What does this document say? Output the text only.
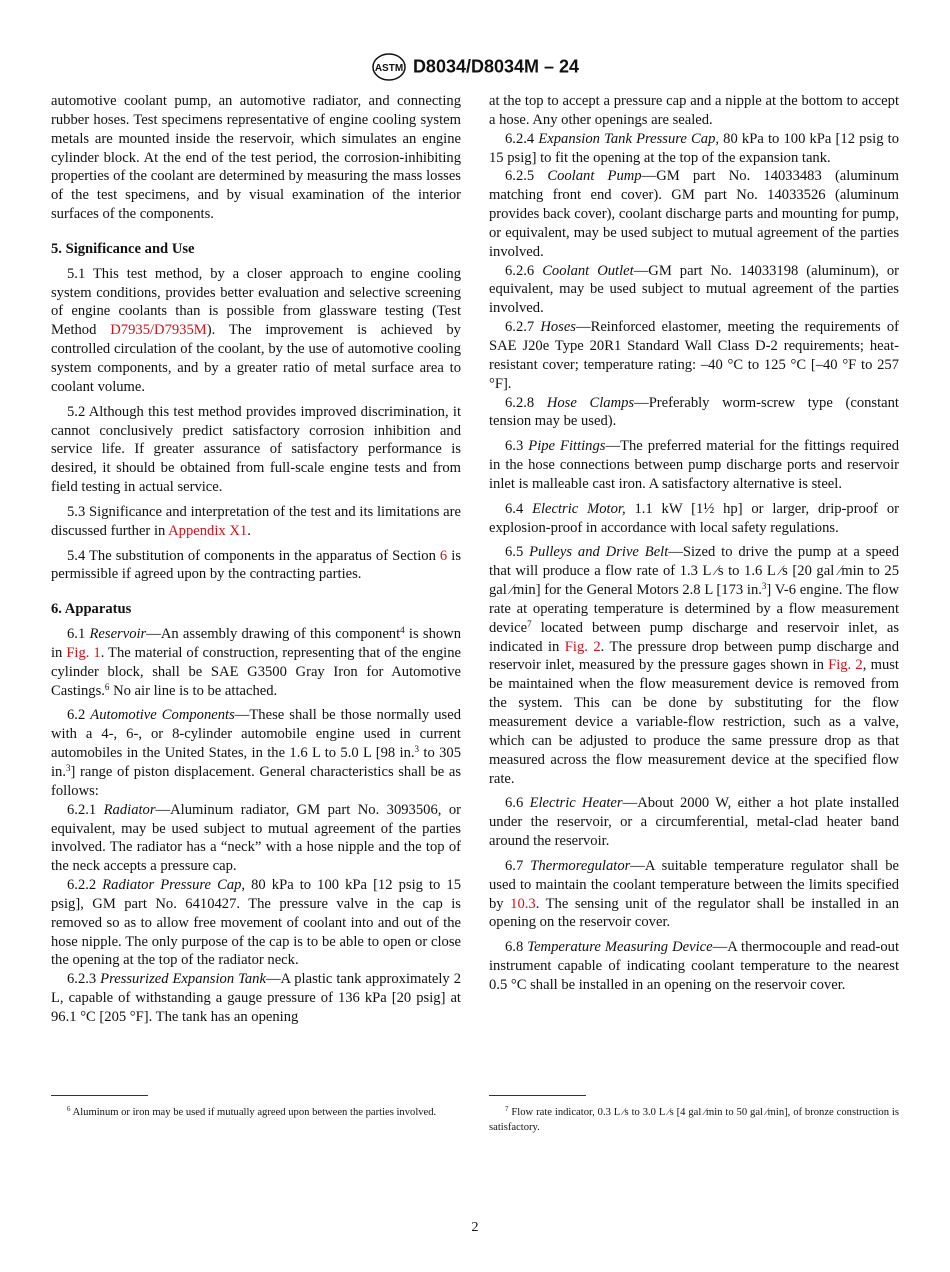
ASTM D8034/D8034M – 24

automotive coolant pump, an automotive radiator, and connecting rubber hoses. Test specimens representative of engine cooling system metals are mounted inside the reservoir, which simulates an engine cylinder block. At the end of the test period, the corrosion-inhibiting properties of the coolant are determined by measuring the mass losses of the test specimens, and by visual examination of the interior surfaces of the components.

5. Significance and Use

5.1 This test method, by a closer approach to engine cooling system conditions, provides better evaluation and selective screening of engine coolants than is possible from glassware testing (Test Method D7935/D7935M). The improvement is achieved by controlled circulation of the coolant, by the use of automotive cooling system components, and by a greater ratio of metal surface area to coolant volume.

5.2 Although this test method provides improved discrimination, it cannot conclusively predict satisfactory corrosion inhibition and service life. If greater assurance of satisfactory performance is desired, it should be obtained from full-scale engine tests and from field testing in actual service.

5.3 Significance and interpretation of the test and its limitations are discussed further in Appendix X1.

5.4 The substitution of components in the apparatus of Section 6 is permissible if agreed upon by the contracting parties.

6. Apparatus

6.1 Reservoir—An assembly drawing of this component$^4$ is shown in Fig. 1. The material of construction, representing that of the engine cylinder block, shall be SAE G3500 Gray Iron for Automotive Castings.$^6$ No air line is to be attached.

6.2 Automotive Components—These shall be those normally used with a 4-, 6-, or 8-cylinder automobile engine used in current automobiles in the United States, in the 1.6 L to 5.0 L [98 in.$^3$ to 305 in.$^3$] range of piston displacement. General characteristics shall be as follows:

6.2.1 Radiator—Aluminum radiator, GM part No. 3093506, or equivalent, may be used subject to mutual agreement of the parties involved. The radiator has a “neck” with a hose nipple and the top of the neck accepts a pressure cap.

6.2.2 Radiator Pressure Cap, 80 kPa to 100 kPa [12 psig to 15 psig], GM part No. 6410427. The pressure valve in the cap is removed so as to allow free movement of coolant into and out of the hose nipple. The only purpose of the cap is to be able to open or close the opening at the top of the radiator neck.

6.2.3 Pressurized Expansion Tank—A plastic tank approximately 2 L, capable of withstanding a gauge pressure of 136 kPa [20 psig] at 96.1 °C [205 °F]. The tank has an opening

at the top to accept a pressure cap and a nipple at the bottom to accept a hose. Any other openings are sealed.

6.2.4 Expansion Tank Pressure Cap, 80 kPa to 100 kPa [12 psig to 15 psig] to fit the opening at the top of the expansion tank.

6.2.5 Coolant Pump—GM part No. 14033483 (aluminum matching front end cover). GM part No. 14033526 (aluminum provides back cover), coolant discharge parts and mounting for pump, or equivalent, may be used subject to mutual agreement of the parties involved.

6.2.6 Coolant Outlet—GM part No. 14033198 (aluminum), or equivalent, may be used subject to mutual agreement of the parties involved.

6.2.7 Hoses—Reinforced elastomer, meeting the requirements of SAE J20e Type 20R1 Standard Wall Class D-2 requirements; heat-resistant cover; temperature rating: –40 °C to 125 °C [–40 °F to 257 °F].

6.2.8 Hose Clamps—Preferably worm-screw type (constant tension may be used).

6.3 Pipe Fittings—The preferred material for the fittings required in the hose connections between pump discharge ports and reservoir inlet is malleable cast iron. A satisfactory alternative is steel.

6.4 Electric Motor, 1.1 kW [1½ hp] or larger, drip-proof or explosion-proof in accordance with local safety regulations.

6.5 Pulleys and Drive Belt—Sized to drive the pump at a speed that will produce a flow rate of 1.3 L ⁄s to 1.6 L ⁄s [20 gal ⁄min to 25 gal ⁄min] for the General Motors 2.8 L [173 in.$^3$] V-6 engine. The flow rate at operating temperature is determined by a flow measurement device$^7$ located between pump discharge and reservoir inlet, as indicated in Fig. 2. The pressure drop between pump discharge and reservoir inlet, measured by the pressure gages shown in Fig. 2, must be maintained when the flow measurement device is removed from the system. This can be done by substituting for the flow measurement device a variable-flow restriction, such as a valve, which can be adjusted to produce the same pressure drop as that measured across the flow measurement device at the specified flow rate.

6.6 Electric Heater—About 2000 W, either a hot plate installed under the reservoir, or a circumferential, metal-clad heater band around the reservoir.

6.7 Thermoregulator—A suitable temperature regulator shall be used to maintain the coolant temperature between the limits specified by 10.3. The sensing unit of the regulator shall be installed in an opening on the reservoir cover.

6.8 Temperature Measuring Device—A thermocouple and read-out instrument capable of indicating coolant temperature to the nearest 0.5 °C shall be installed in an opening on the reservoir cover.

$^6$ Aluminum or iron may be used if mutually agreed upon between the parties involved.	$^7$ Flow rate indicator, 0.3 L ⁄s to 3.0 L ⁄s [4 gal ⁄min to 50 gal ⁄min], of bronze construction is satisfactory.
2
